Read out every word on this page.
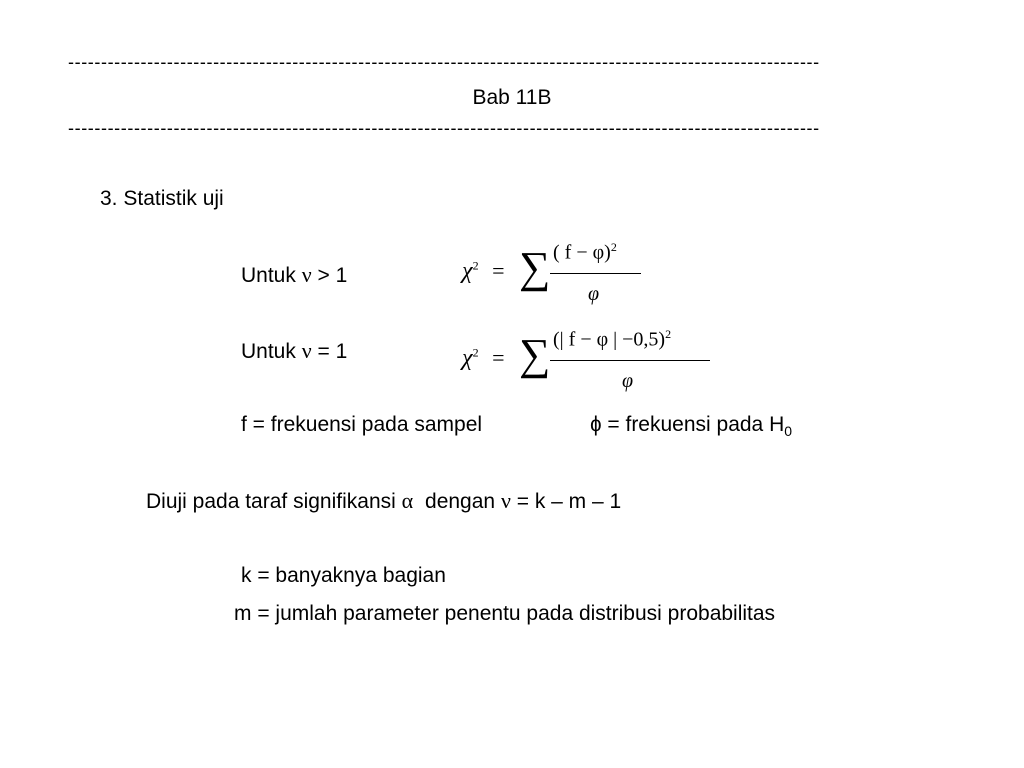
------------------------------------------------------------------------------------------------------------------
Bab 11B
------------------------------------------------------------------------------------------------------------------
3. Statistik uji
Untuk ν > 1	$\chi^2$ = ∑ ( f − φ)$^2$
φ
Untuk ν = 1	$\chi^2$ = ∑ (| f − φ | −0,5)$^2$
φ
f = frekuensi pada sampel	ɸ = frekuensi pada $H_0$
Diuji pada taraf signifikansi α dengan ν = k – m – 1
k = banyaknya bagian
m = jumlah parameter penentu pada distribusi probabilitas
